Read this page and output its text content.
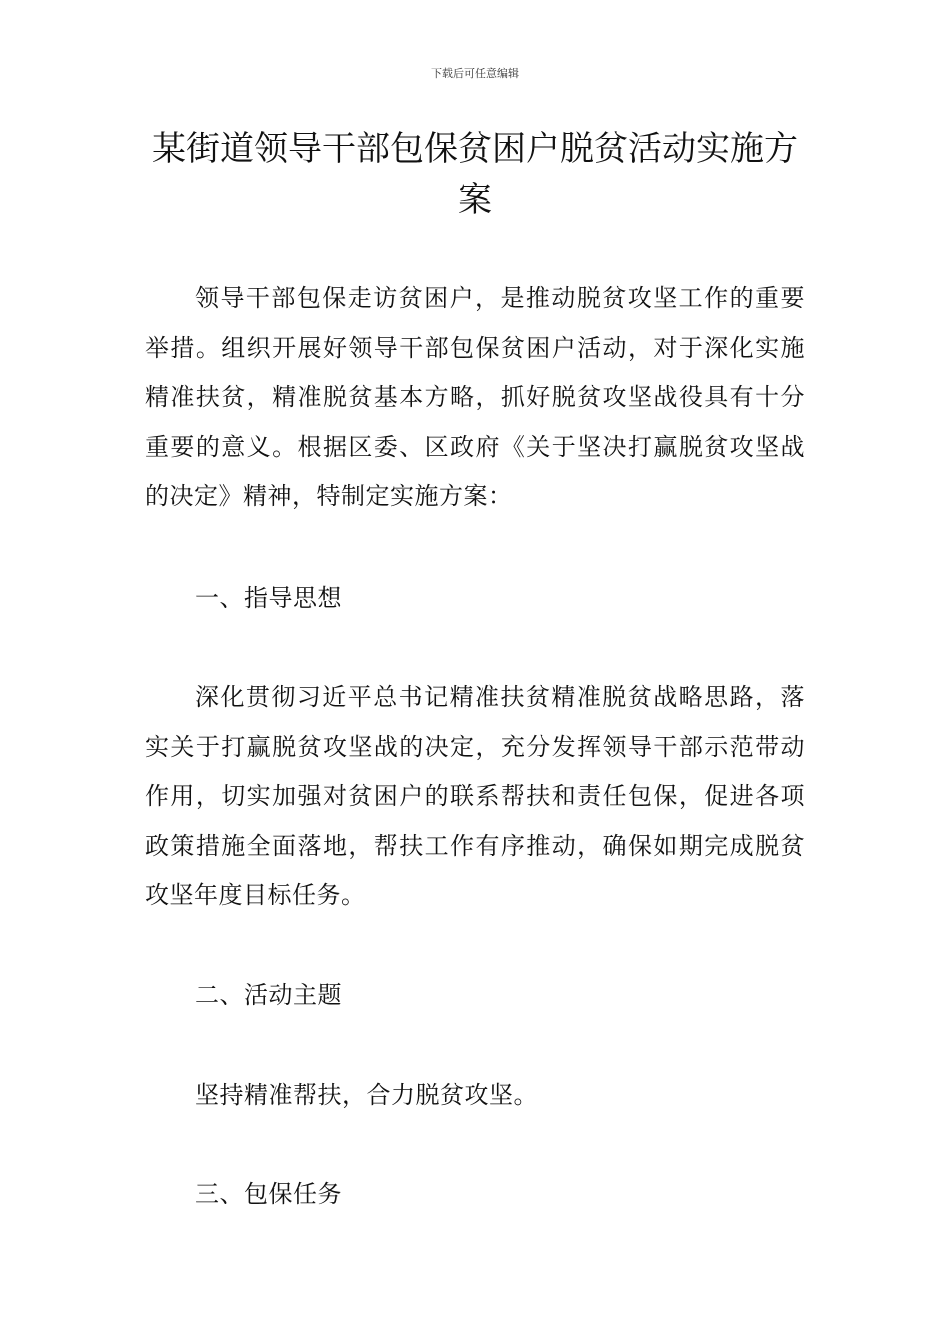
下载后可任意编辑
某街道领导干部包保贫困户脱贫活动实施方案

领导干部包保走访贫困户，是推动脱贫攻坚工作的重要举措。组织开展好领导干部包保贫困户活动，对于深化实施精准扶贫，精准脱贫基本方略，抓好脱贫攻坚战役具有十分重要的意义。根据区委、区政府《关于坚决打赢脱贫攻坚战的决定》精神，特制定实施方案：

一、指导思想

深化贯彻习近平总书记精准扶贫精准脱贫战略思路，落实关于打赢脱贫攻坚战的决定，充分发挥领导干部示范带动作用，切实加强对贫困户的联系帮扶和责任包保，促进各项政策措施全面落地，帮扶工作有序推动，确保如期完成脱贫攻坚年度目标任务。

二、活动主题

坚持精准帮扶，合力脱贫攻坚。

三、包保任务
